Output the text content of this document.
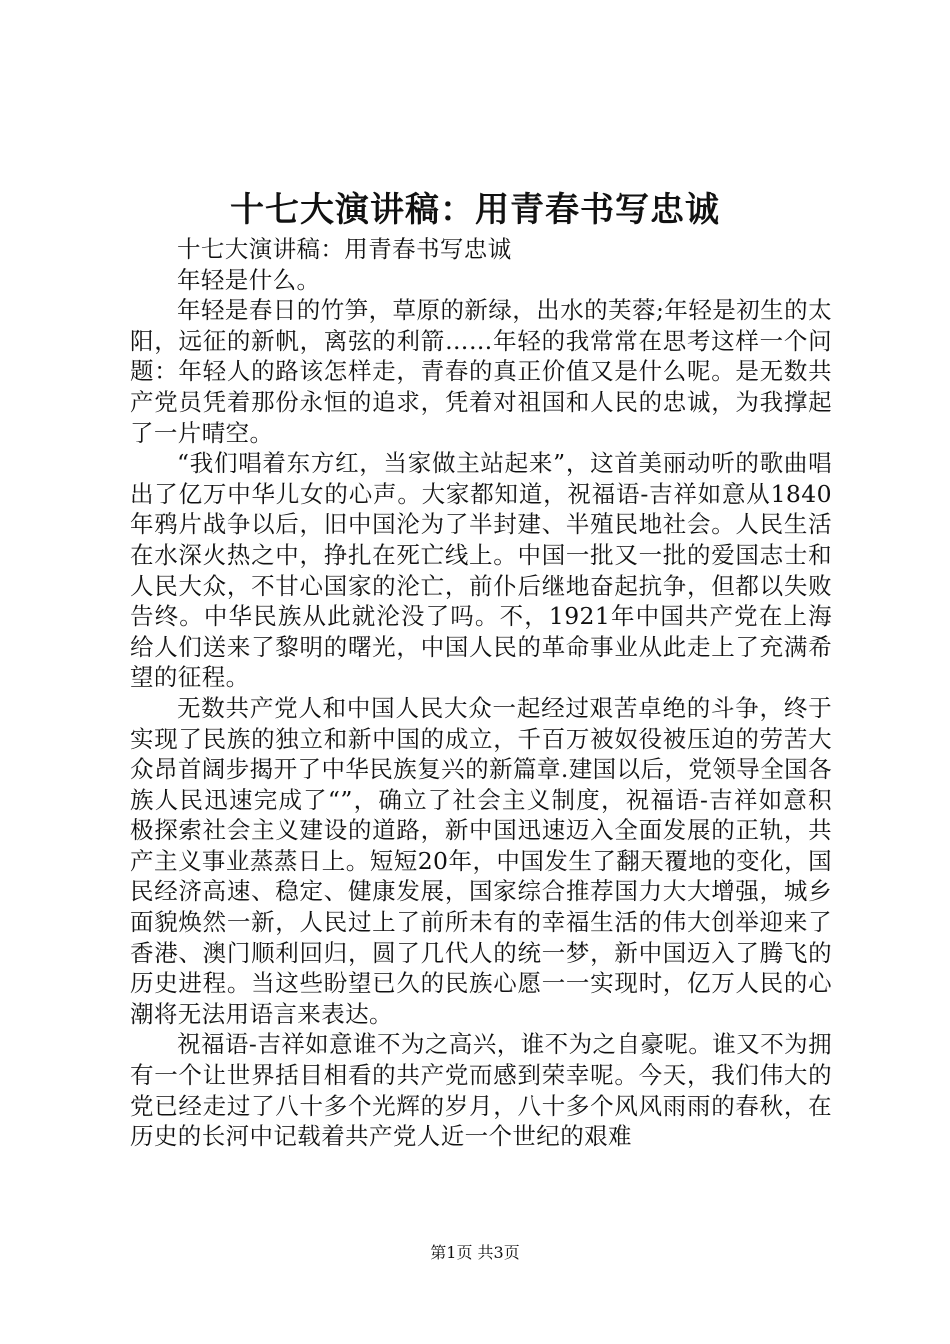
十七大演讲稿：用青春书写忠诚

十七大演讲稿：用青春书写忠诚

年轻是什么。

年轻是春日的竹笋，草原的新绿，出水的芙蓉;年轻是初生的太阳，远征的新帆，离弦的利箭……年轻的我常常在思考这样一个问题：年轻人的路该怎样走，青春的真正价值又是什么呢。是无数共产党员凭着那份永恒的追求，凭着对祖国和人民的忠诚，为我撑起了一片晴空。

“我们唱着东方红，当家做主站起来”，这首美丽动听的歌曲唱出了亿万中华儿女的心声。大家都知道，祝福语-吉祥如意从1840年鸦片战争以后，旧中国沦为了半封建、半殖民地社会。人民生活在水深火热之中，挣扎在死亡线上。中国一批又一批的爱国志士和人民大众，不甘心国家的沦亡，前仆后继地奋起抗争，但都以失败告终。中华民族从此就沦没了吗。不，1921年中国共产党在上海给人们送来了黎明的曙光，中国人民的革命事业从此走上了充满希望的征程。

无数共产党人和中国人民大众一起经过艰苦卓绝的斗争，终于实现了民族的独立和新中国的成立，千百万被奴役被压迫的劳苦大众昂首阔步揭开了中华民族复兴的新篇章.建国以后，党领导全国各族人民迅速完成了“”，确立了社会主义制度，祝福语-吉祥如意积极探索社会主义建设的道路，新中国迅速迈入全面发展的正轨，共产主义事业蒸蒸日上。短短20年，中国发生了翻天覆地的变化，国民经济高速、稳定、健康发展，国家综合推荐国力大大增强，城乡面貌焕然一新，人民过上了前所未有的幸福生活的伟大创举迎来了香港、澳门顺利回归，圆了几代人的统一梦，新中国迈入了腾飞的历史进程。当这些盼望已久的民族心愿一一实现时，亿万人民的心潮将无法用语言来表达。

祝福语-吉祥如意谁不为之高兴，谁不为之自豪呢。谁又不为拥有一个让世界括目相看的共产党而感到荣幸呢。今天，我们伟大的党已经走过了八十多个光辉的岁月，八十多个风风雨雨的春秋，在历史的长河中记载着共产党人近一个世纪的艰难

第1页 共3页
